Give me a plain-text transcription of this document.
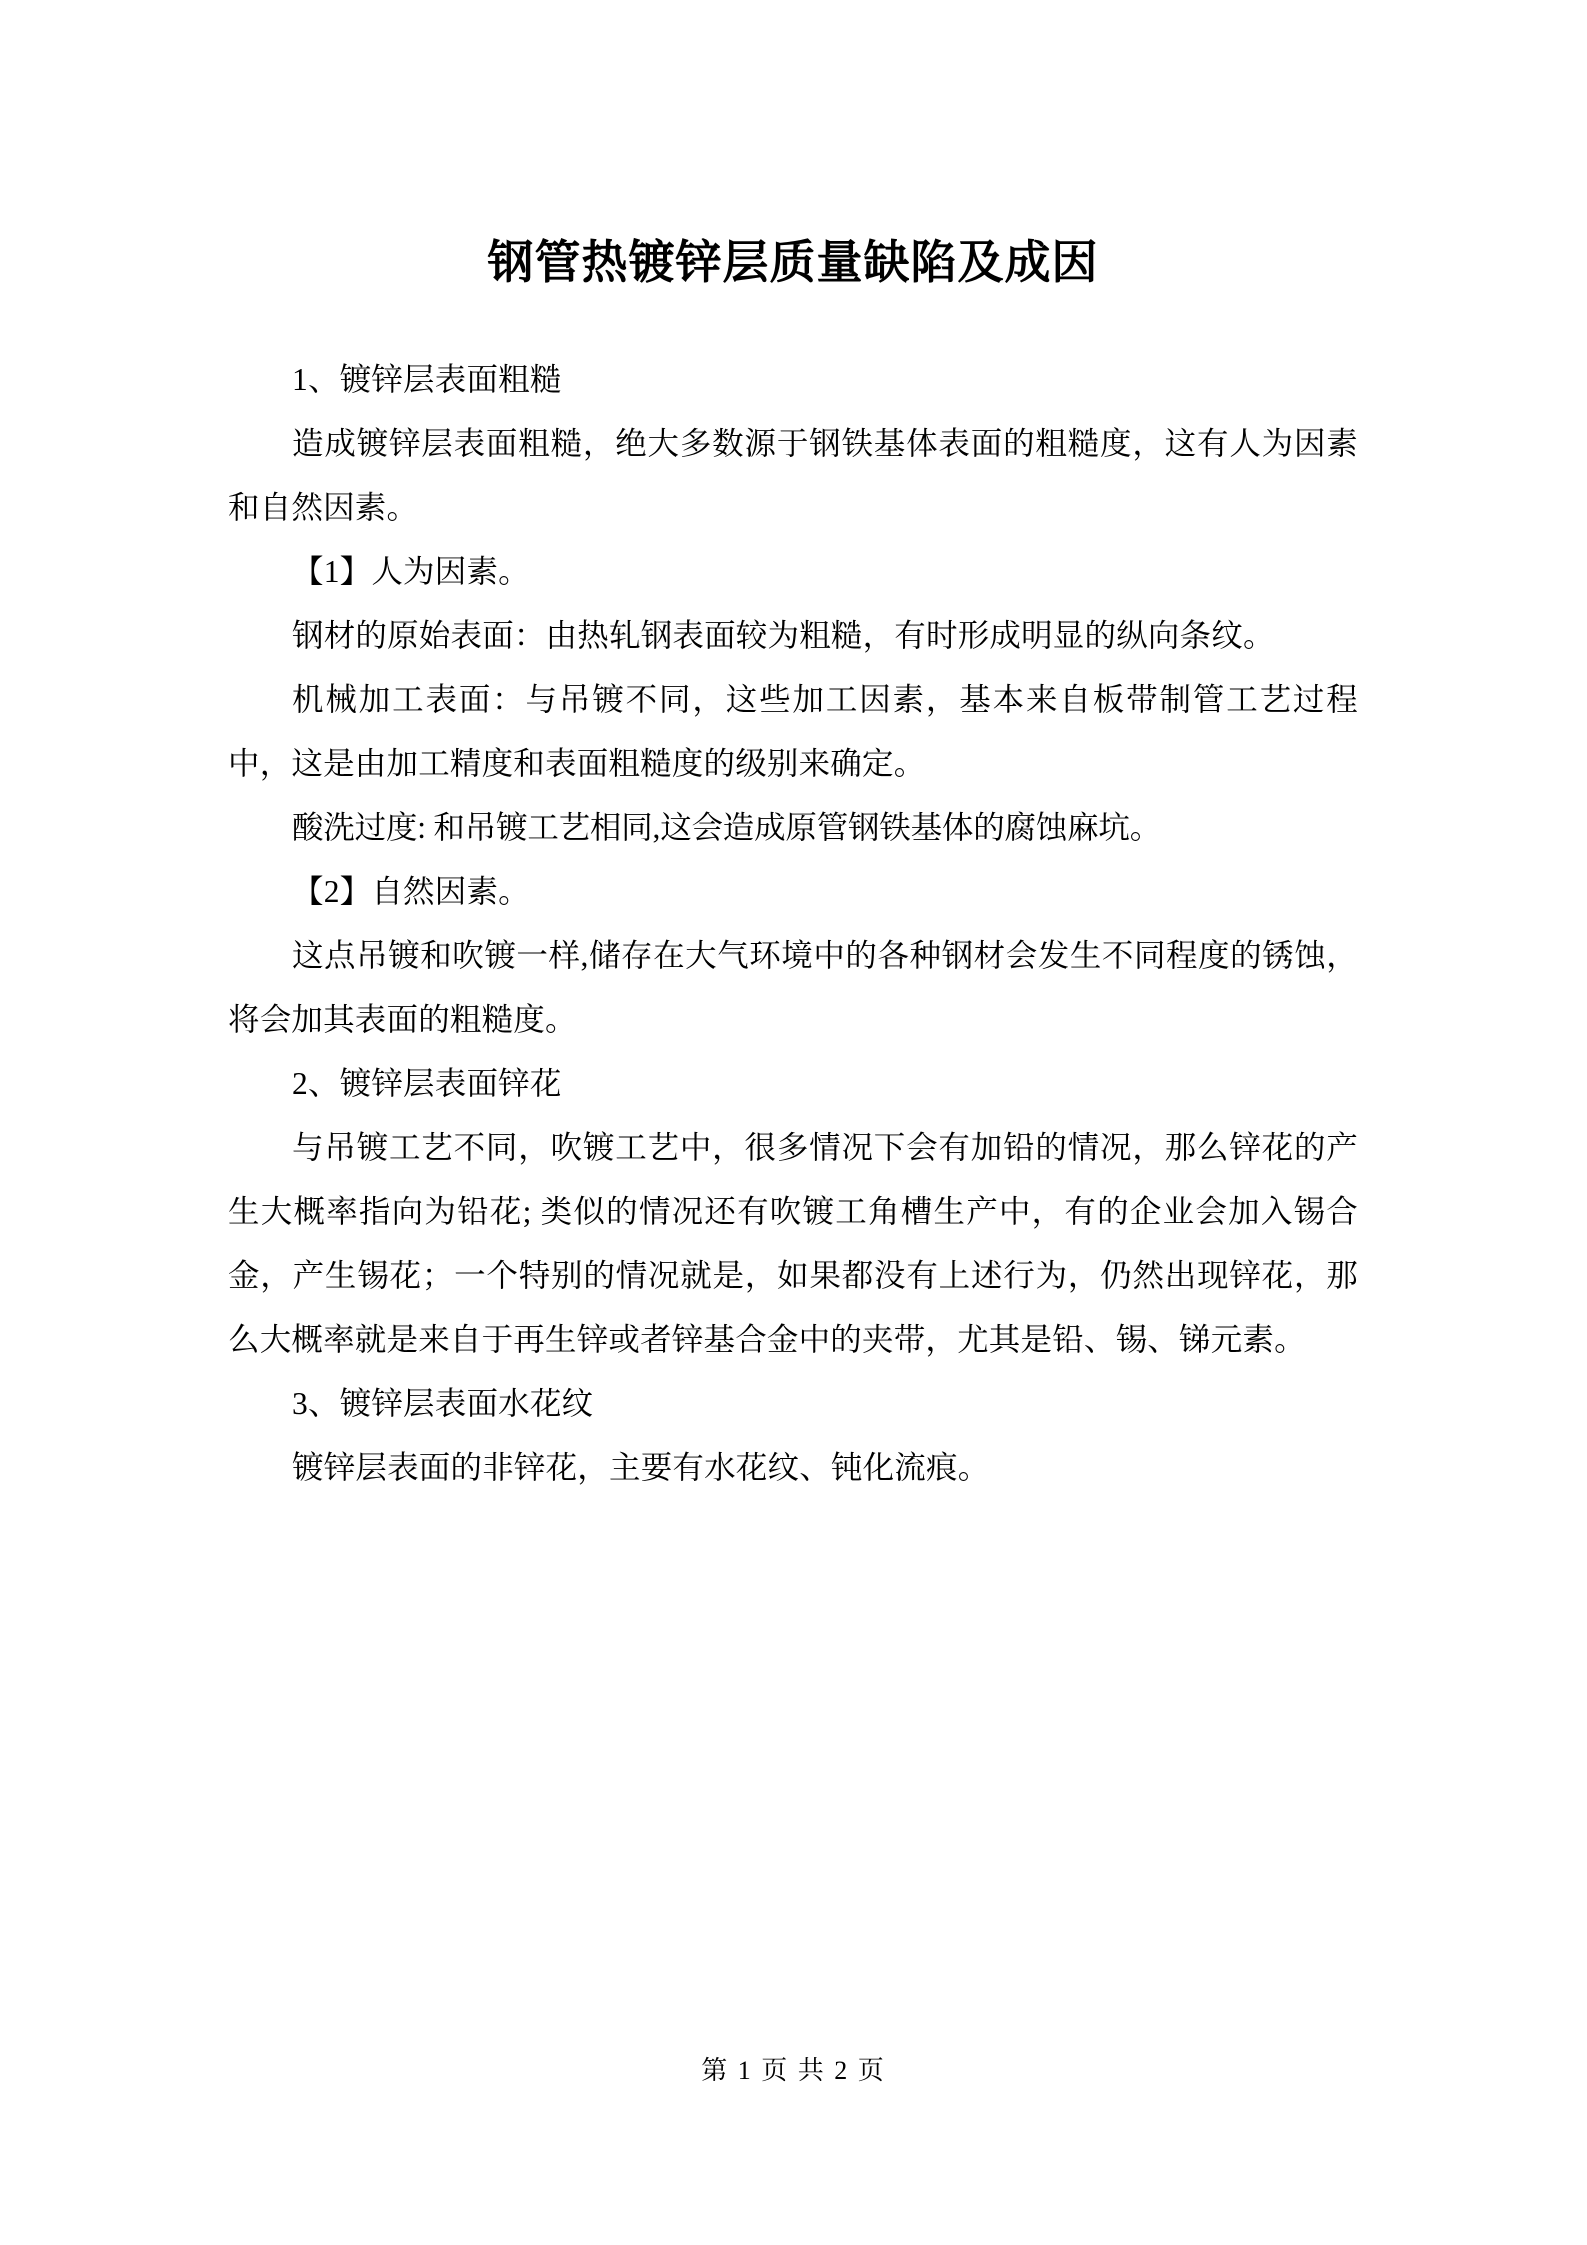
钢管热镀锌层质量缺陷及成因

1、镀锌层表面粗糙

造成镀锌层表面粗糙，绝大多数源于钢铁基体表面的粗糙度，这有人为因素和自然因素。

【1】人为因素。

钢材的原始表面：由热轧钢表面较为粗糙，有时形成明显的纵向条纹。

机械加工表面：与吊镀不同，这些加工因素，基本来自板带制管工艺过程中，这是由加工精度和表面粗糙度的级别来确定。

酸洗过度: 和吊镀工艺相同,这会造成原管钢铁基体的腐蚀麻坑。

【2】自然因素。

这点吊镀和吹镀一样,储存在大气环境中的各种钢材会发生不同程度的锈蚀，将会加其表面的粗糙度。

2、镀锌层表面锌花

与吊镀工艺不同，吹镀工艺中，很多情况下会有加铅的情况，那么锌花的产生大概率指向为铅花; 类似的情况还有吹镀工角槽生产中，有的企业会加入锡合金，产生锡花；一个特别的情况就是，如果都没有上述行为，仍然出现锌花，那么大概率就是来自于再生锌或者锌基合金中的夹带，尤其是铅、锡、锑元素。

3、镀锌层表面水花纹

镀锌层表面的非锌花，主要有水花纹、钝化流痕。

第 1 页 共 2 页
